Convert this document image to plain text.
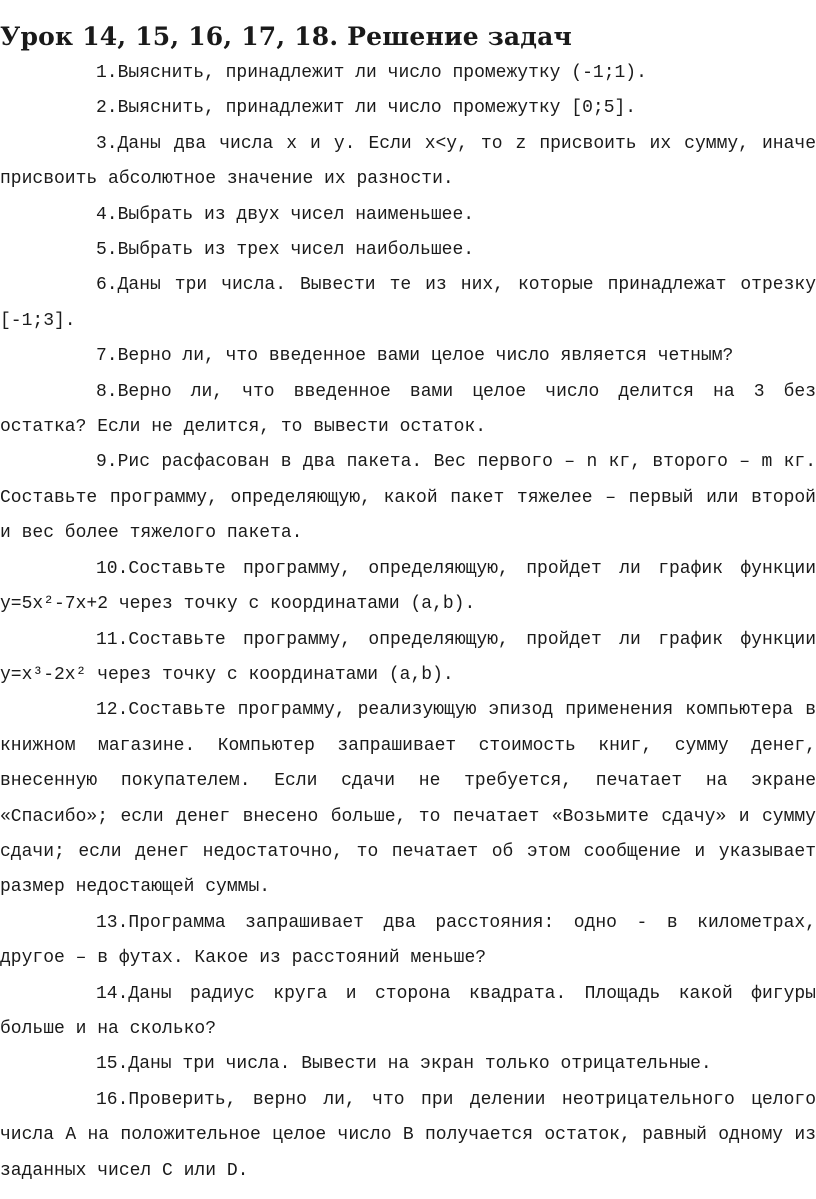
Урок 14, 15, 16, 17, 18. Решение задач

1.Выяснить, принадлежит ли число промежутку (-1;1).

2.Выяснить, принадлежит ли число промежутку [0;5].

3.Даны два числа x и y. Если x<y, то z присвоить их сумму, иначе присвоить абсолютное значение их разности.

4.Выбрать из двух чисел наименьшее.

5.Выбрать из трех чисел наибольшее.

6.Даны три числа. Вывести те из них, которые принадлежат отрезку [-1;3].

7.Верно ли, что введенное вами целое число является четным?

8.Верно ли, что введенное вами целое число делится на 3 без остатка? Если не делится, то вывести остаток.

9.Рис расфасован в два пакета. Вес первого – n кг, второго – m кг. Составьте программу, определяющую, какой пакет тяжелее – первый или второй и вес более тяжелого пакета.

10.Составьте программу, определяющую, пройдет ли график функции y=5x²-7x+2 через точку с координатами (a,b).

11.Составьте программу, определяющую, пройдет ли график функции y=x³-2x² через точку с координатами (a,b).

12.Составьте программу, реализующую эпизод применения компьютера в книжном магазине. Компьютер запрашивает стоимость книг, сумму денег, внесенную покупателем. Если сдачи не требуется, печатает на экране «Спасибо»; если денег внесено больше, то печатает «Возьмите сдачу» и сумму сдачи; если денег недостаточно, то печатает об этом сообщение и указывает размер недостающей суммы.

13.Программа запрашивает два расстояния: одно - в километрах, другое – в футах. Какое из расстояний меньше?

14.Даны радиус круга и сторона квадрата. Площадь какой фигуры больше и на сколько?

15.Даны три числа. Вывести на экран только отрицательные.

16.Проверить, верно ли, что при делении неотрицательного целого числа A на положительное целое число B получается остаток, равный одному из заданных чисел C или D.
